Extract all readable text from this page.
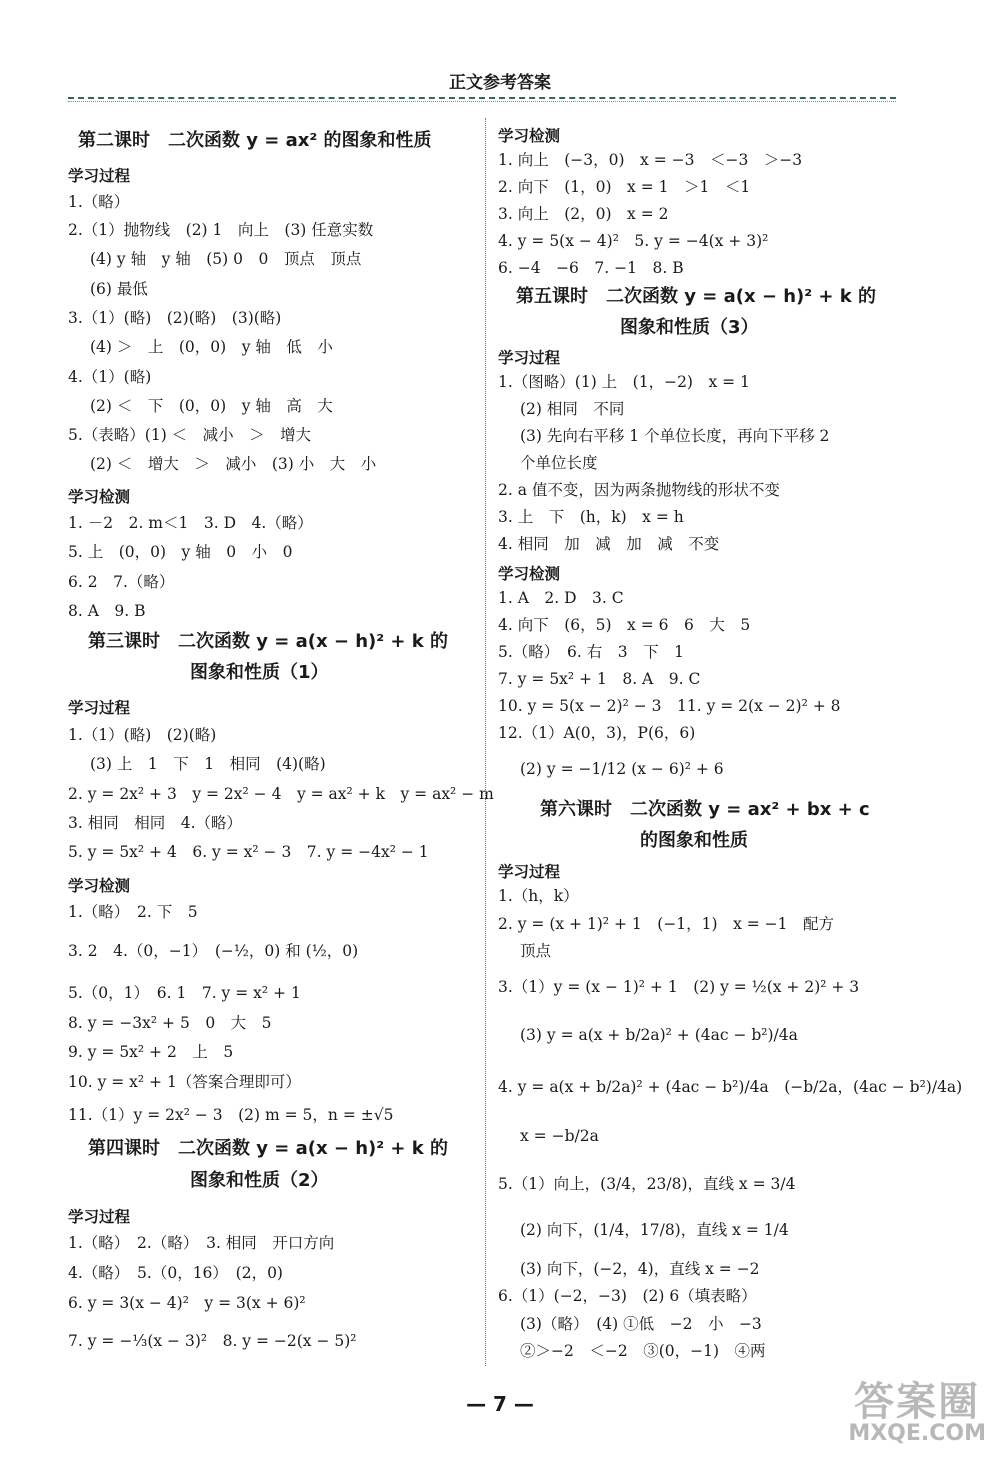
正文参考答案
第二课时　二次函数 y = ax² 的图象和性质
学习过程
1.（略）
2.（1）抛物线　(2) 1　向上　(3) 任意实数
(4) y 轴　y 轴　(5) 0　0　顶点　顶点
(6) 最低
3.（1）(略)　(2)(略)　(3)(略)
(4) ＞　上　(0，0)　y 轴　低　小
4.（1）(略)
(2) ＜　下　(0，0)　y 轴　高　大
5.（表略）(1) ＜　减小　＞　增大
(2) ＜　增大　＞　减小　(3) 小　大　小
学习检测
1. －2　2. m＜1　3. D　4.（略）
5. 上　(0，0)　y 轴　0　小　0
6. 2　7.（略）
8. A　9. B
第三课时　二次函数 y = a(x − h)² + k 的
图象和性质（1）
学习过程
1.（1）(略)　(2)(略)
(3) 上　1　下　1　相同　(4)(略)
2. y = 2x² + 3　y = 2x² − 4　y = ax² + k　y = ax² − m
3. 相同　相同　4.（略）
5. y = 5x² + 4　6. y = x² − 3　7. y = −4x² − 1
学习检测
1.（略）　2. 下　5
3. 2　4.（0，−1）　(−½，0) 和 (½，0)
5.（0，1）　6. 1　7. y = x² + 1
8. y = −3x² + 5　0　大　5
9. y = 5x² + 2　上　5
10. y = x² + 1（答案合理即可）
11.（1）y = 2x² − 3　(2) m = 5，n = ±√5
第四课时　二次函数 y = a(x − h)² + k 的
图象和性质（2）
学习过程
1.（略）　2.（略）　3. 相同　开口方向
4.（略）　5.（0，16）　(2，0)
6. y = 3(x − 4)²　y = 3(x + 6)²
7. y = −⅓(x − 3)²　8. y = −2(x − 5)²
学习检测
1. 向上　(−3，0)　x = −3　＜−3　＞−3
2. 向下　(1，0)　x = 1　＞1　＜1
3. 向上　(2，0)　x = 2
4. y = 5(x − 4)²　5. y = −4(x + 3)²
6. −4　−6　7. −1　8. B
第五课时　二次函数 y = a(x − h)² + k 的
图象和性质（3）
学习过程
1.（图略）(1) 上　(1，−2)　x = 1
(2) 相同　不同
(3) 先向右平移 1 个单位长度，再向下平移 2
个单位长度
2. a 值不变，因为两条抛物线的形状不变
3. 上　下　(h，k)　x = h
4. 相同　加　减　加　减　不变
学习检测
1. A　2. D　3. C
4. 向下　(6，5)　x = 6　6　大　5
5.（略）　6. 右　3　下　1
7. y = 5x² + 1　8. A　9. C
10. y = 5(x − 2)² − 3　11. y = 2(x − 2)² + 8
12.（1）A(0，3)，P(6，6)
(2) y = −1/12 (x − 6)² + 6
第六课时　二次函数 y = ax² + bx + c
的图象和性质
学习过程
1.（h，k）
2. y = (x + 1)² + 1　(−1，1)　x = −1　配方
顶点
3.（1）y = (x − 1)² + 1　(2) y = ½(x + 2)² + 3
(3) y = a(x + b/2a)² + (4ac − b²)/4a
4. y = a(x + b/2a)² + (4ac − b²)/4a　(−b/2a，(4ac − b²)/4a)
x = −b/2a
5.（1）向上，(3/4，23/8)，直线 x = 3/4
(2) 向下，(1/4，17/8)，直线 x = 1/4
(3) 向下，(−2，4)，直线 x = −2
6.（1）(−2，−3)　(2) 6（填表略）
(3)（略）　(4) ①低　−2　小　−3
②＞−2　＜−2　③(0，−1)　④两
— 7 —	答案圈
MXQE.COM
